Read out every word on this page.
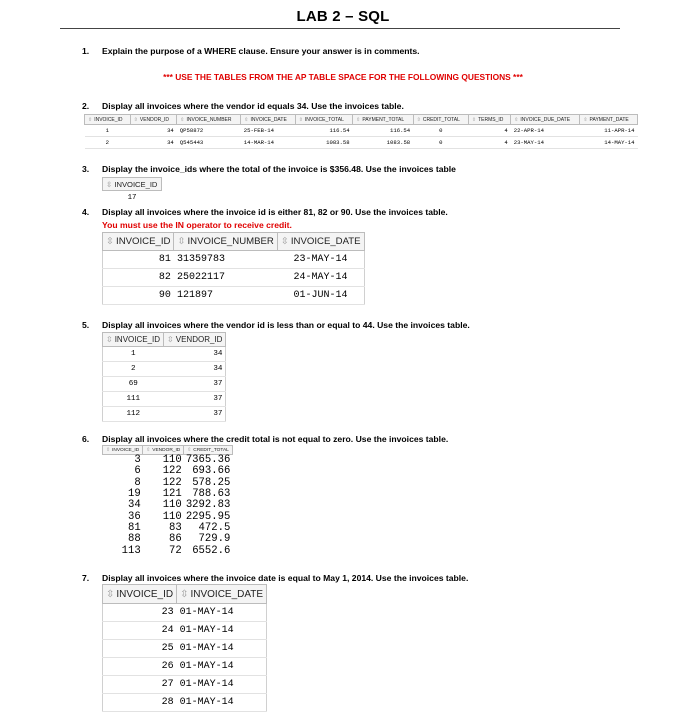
LAB 2 – SQL
1. Explain the purpose of a WHERE clause. Ensure your answer is in comments.
*** USE THE TABLES FROM THE AP TABLE SPACE FOR THE FOLLOWING QUESTIONS ***
2. Display all invoices where the vendor id equals 34. Use the invoices table.
⇳ INVOICE_ID	⇳ VENDOR_ID	⇳ INVOICE_NUMBER	⇳ INVOICE_DATE	⇳ INVOICE_TOTAL	⇳ PAYMENT_TOTAL	⇳ CREDIT_TOTAL	⇳ TERMS_ID	⇳ INVOICE_DUE_DATE	⇳ PAYMENT_DATE
1	34	QP58872	25-FEB-14	116.54	116.54	0	4	22-APR-14	11-APR-14
2	34	Q545443	14-MAR-14	1083.58	1083.58	0	4	23-MAY-14	14-MAY-14
3. Display the invoice_ids where the total of the invoice is $356.48. Use the invoices table
⇳ INVOICE_ID
17
4. Display all invoices where the invoice id is either 81, 82 or 90. Use the invoices table.
You must use the IN operator to receive credit.
⇳ INVOICE_ID	⇳ INVOICE_NUMBER	⇳ INVOICE_DATE
81	31359783	23-MAY-14
82	25022117	24-MAY-14
90	121897	01-JUN-14
5. Display all invoices where the vendor id is less than or equal to 44. Use the invoices table.
⇳ INVOICE_ID	⇳ VENDOR_ID
1	34
2	34
69	37
111	37
112	37
6. Display all invoices where the credit total is not equal to zero. Use the invoices table.
⇳ INVOICE_ID	⇳ VENDOR_ID	⇳ CREDIT_TOTAL
3	110	7365.36
6	122	693.66
8	122	578.25
19	121	788.63
34	110	3292.83
36	110	2295.95
81	83	472.5
88	86	729.9
113	72	6552.6
7. Display all invoices where the invoice date is equal to May 1, 2014. Use the invoices table.
⇳ INVOICE_ID	⇳ INVOICE_DATE
23	01-MAY-14
24	01-MAY-14
25	01-MAY-14
26	01-MAY-14
27	01-MAY-14
28	01-MAY-14
